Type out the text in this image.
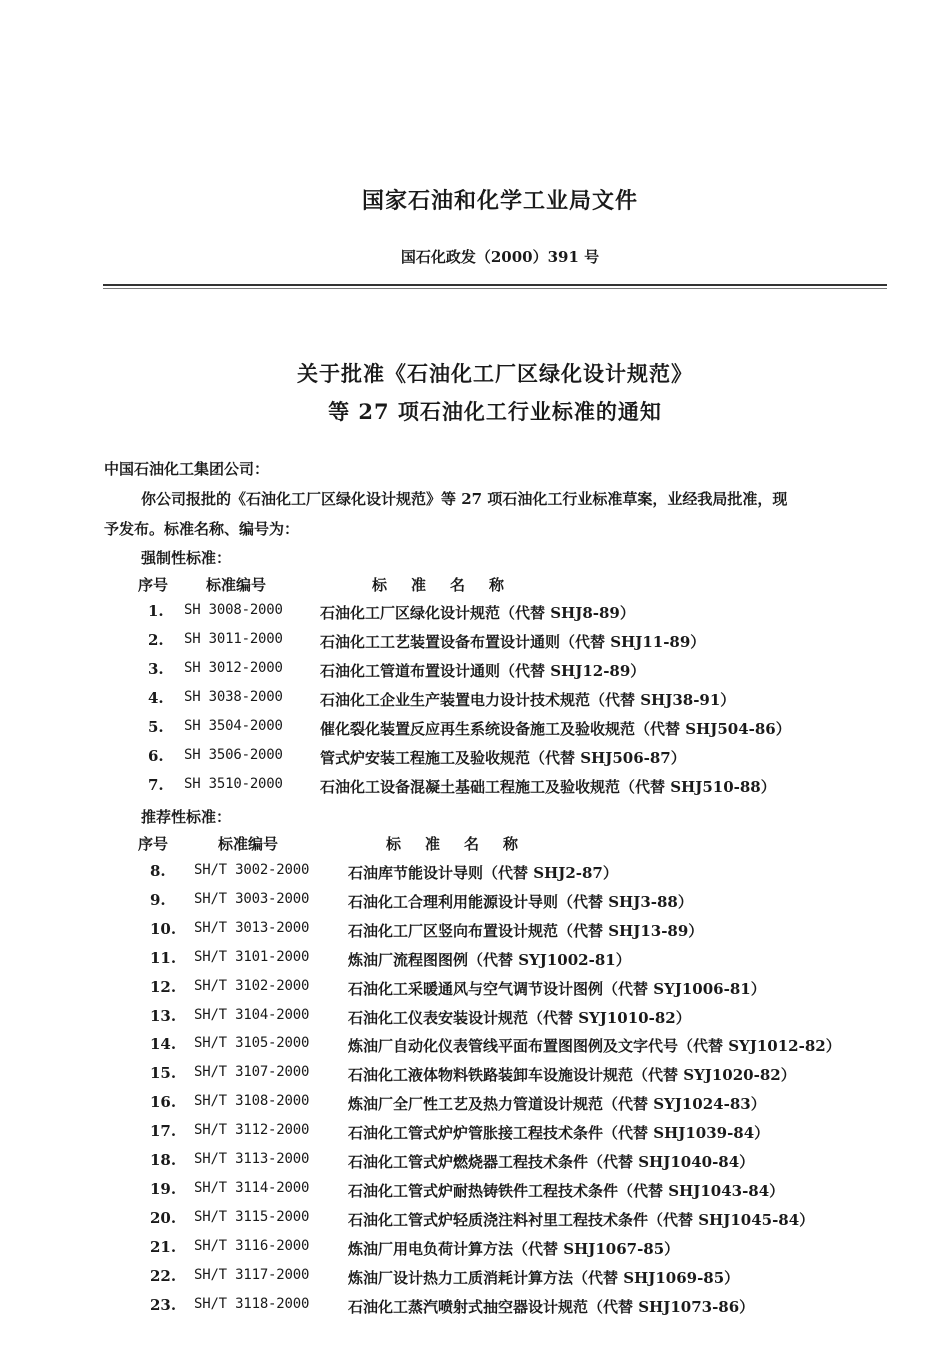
国家石油和化学工业局文件
国石化政发（2000）391 号
关于批准《石油化工厂区绿化设计规范》
等 27 项石油化工行业标准的通知
中国石油化工集团公司：
你公司报批的《石油化工厂区绿化设计规范》等 27 项石油化工行业标准草案，业经我局批准，现
予发布。标准名称、编号为：
强制性标准：
序号	标准编号	标准名称
1. SH 3008-2000 石油化工厂区绿化设计规范（代替 SHJ8-89）
2. SH 3011-2000 石油化工工艺装置设备布置设计通则（代替 SHJ11-89）
3. SH 3012-2000 石油化工管道布置设计通则（代替 SHJ12-89）
4. SH 3038-2000 石油化工企业生产装置电力设计技术规范（代替 SHJ38-91）
5. SH 3504-2000 催化裂化装置反应再生系统设备施工及验收规范（代替 SHJ504-86）
6. SH 3506-2000 管式炉安装工程施工及验收规范（代替 SHJ506-87）
7. SH 3510-2000 石油化工设备混凝土基础工程施工及验收规范（代替 SHJ510-88）
推荐性标准：
序号	标准编号	标准名称
8. SH/T 3002-2000	石油库节能设计导则（代替 SHJ2-87）
9. SH/T 3003-2000	石油化工合理利用能源设计导则（代替 SHJ3-88）
10. SH/T 3013-2000	石油化工厂区竖向布置设计规范（代替 SHJ13-89）
11. SH/T 3101-2000	炼油厂流程图图例（代替 SYJ1002-81）
12. SH/T 3102-2000	石油化工采暖通风与空气调节设计图例（代替 SYJ1006-81）
13. SH/T 3104-2000	石油化工仪表安装设计规范（代替 SYJ1010-82）
14. SH/T 3105-2000	炼油厂自动化仪表管线平面布置图图例及文字代号（代替 SYJ1012-82）
15. SH/T 3107-2000	石油化工液体物料铁路装卸车设施设计规范（代替 SYJ1020-82）
16. SH/T 3108-2000	炼油厂全厂性工艺及热力管道设计规范（代替 SYJ1024-83）
17. SH/T 3112-2000	石油化工管式炉炉管胀接工程技术条件（代替 SHJ1039-84）
18. SH/T 3113-2000	石油化工管式炉燃烧器工程技术条件（代替 SHJ1040-84）
19. SH/T 3114-2000	石油化工管式炉耐热铸铁件工程技术条件（代替 SHJ1043-84）
20. SH/T 3115-2000	石油化工管式炉轻质浇注料衬里工程技术条件（代替 SHJ1045-84）
21. SH/T 3116-2000	炼油厂用电负荷计算方法（代替 SHJ1067-85）
22. SH/T 3117-2000	炼油厂设计热力工质消耗计算方法（代替 SHJ1069-85）
23. SH/T 3118-2000	石油化工蒸汽喷射式抽空器设计规范（代替 SHJ1073-86）
